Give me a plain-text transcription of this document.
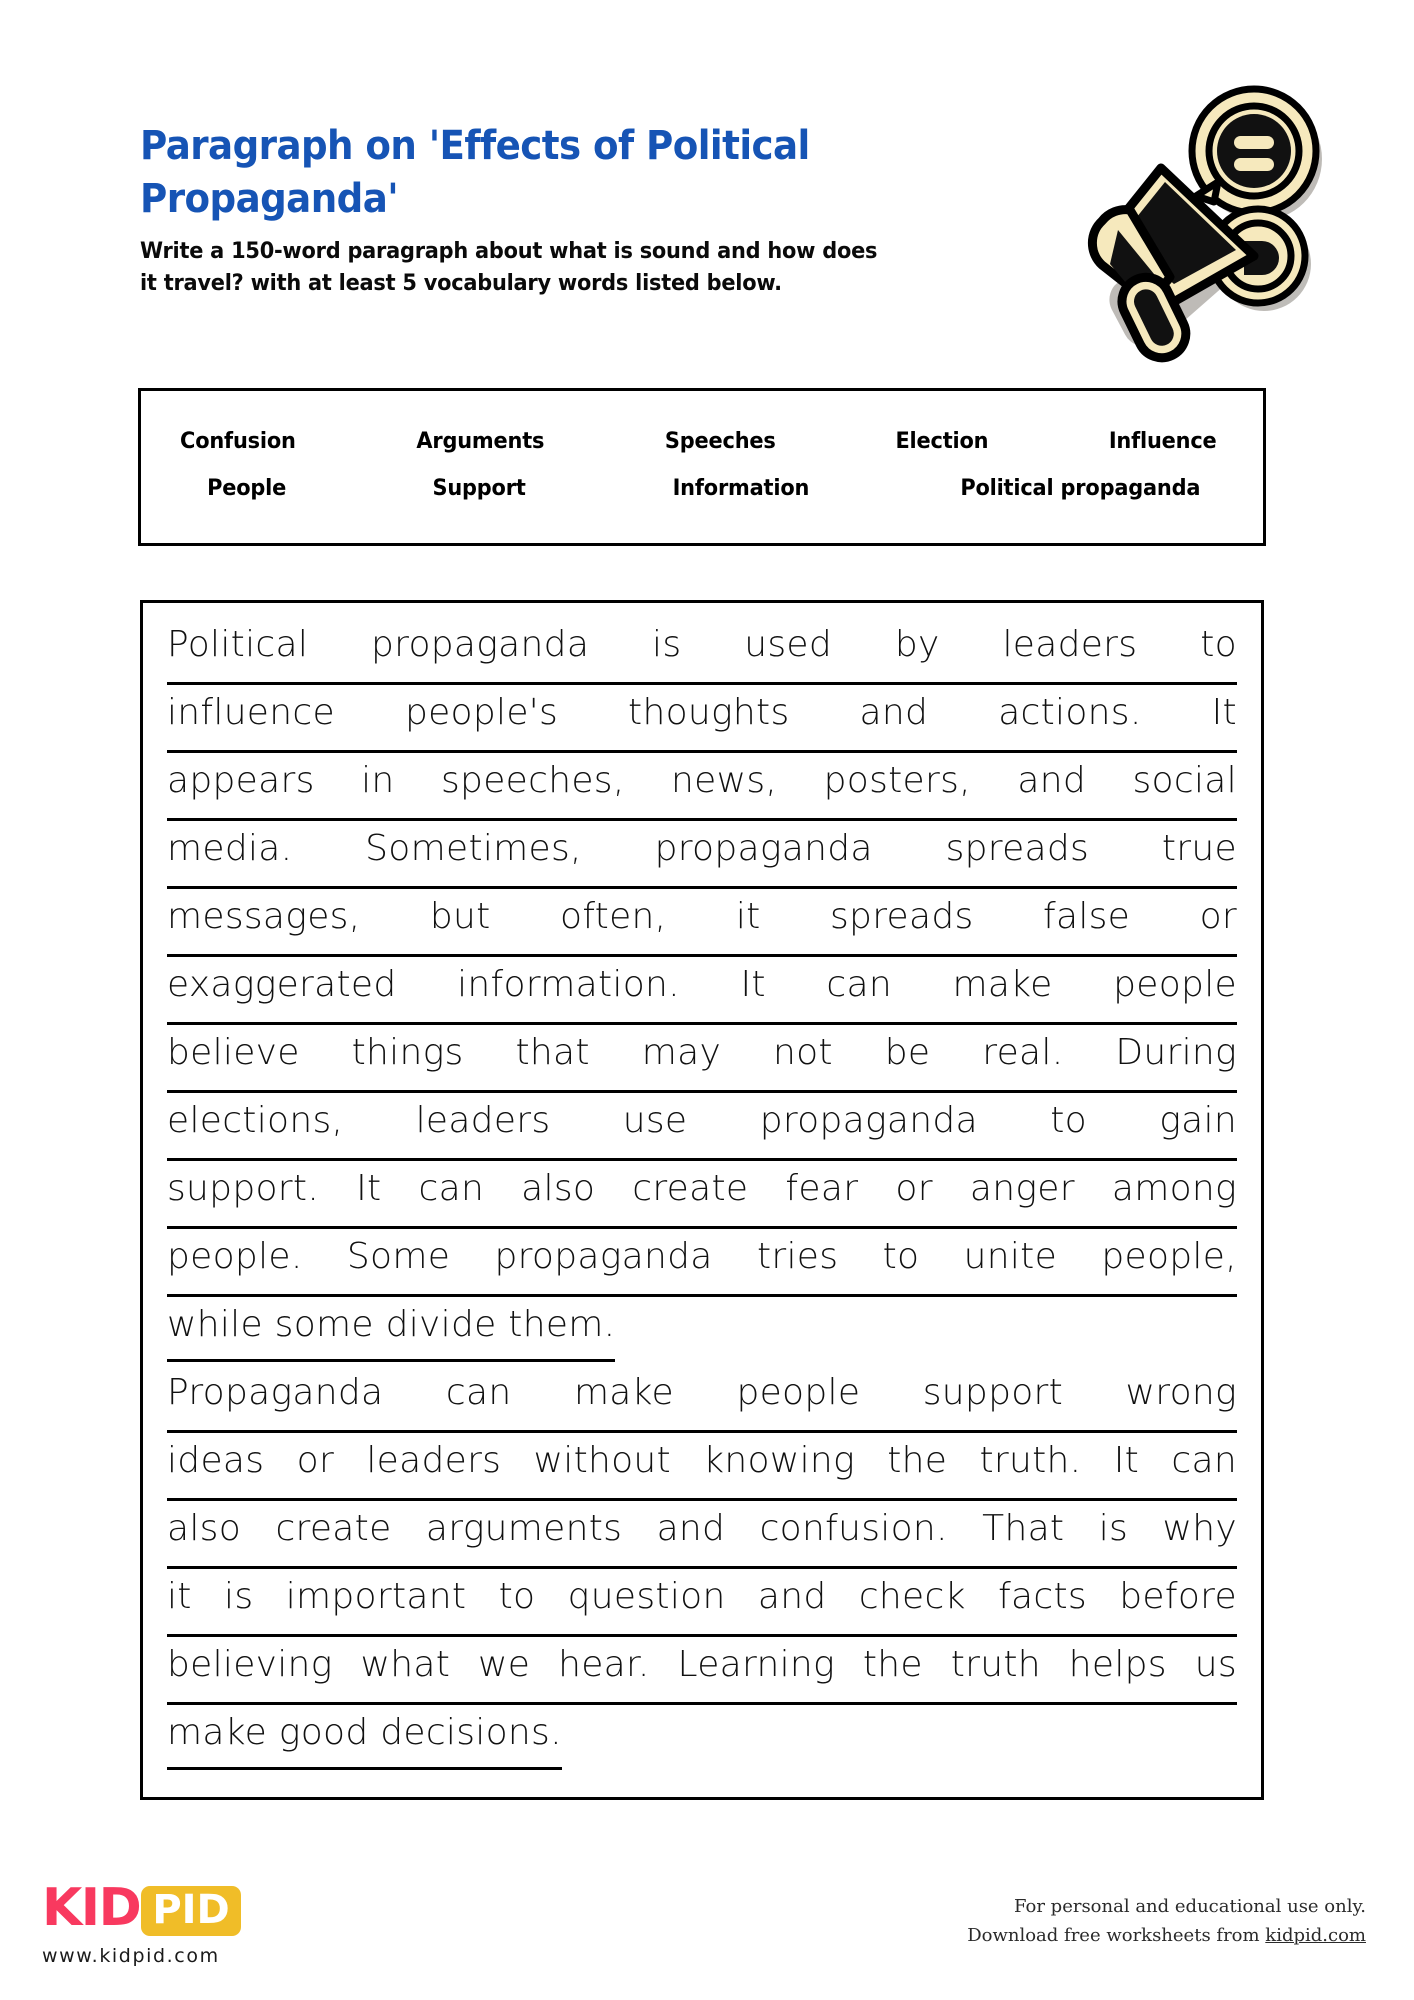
Paragraph on 'Effects of Political Propaganda'

Write a 150-word paragraph about what is sound and how does it travel? with at least 5 vocabulary words listed below.

Confusion	Arguments	Speeches	Election	Influence
People	Support	Information	Political propaganda
Political propaganda is used by leaders to
influence people's thoughts and actions. It
appears in speeches, news, posters, and social
media. Sometimes, propaganda spreads true
messages, but often, it spreads false or
exaggerated information. It can make people
believe things that may not be real. During
elections, leaders use propaganda to gain
support. It can also create fear or anger among
people. Some propaganda tries to unite people,
while some divide them.
Propaganda can make people support wrong
ideas or leaders without knowing the truth. It can
also create arguments and confusion. That is why
it is important to question and check facts before
believing what we hear. Learning the truth helps us
make good decisions.
KID PID
www.kidpid.com
For personal and educational use only.
Download free worksheets from kidpid.com
